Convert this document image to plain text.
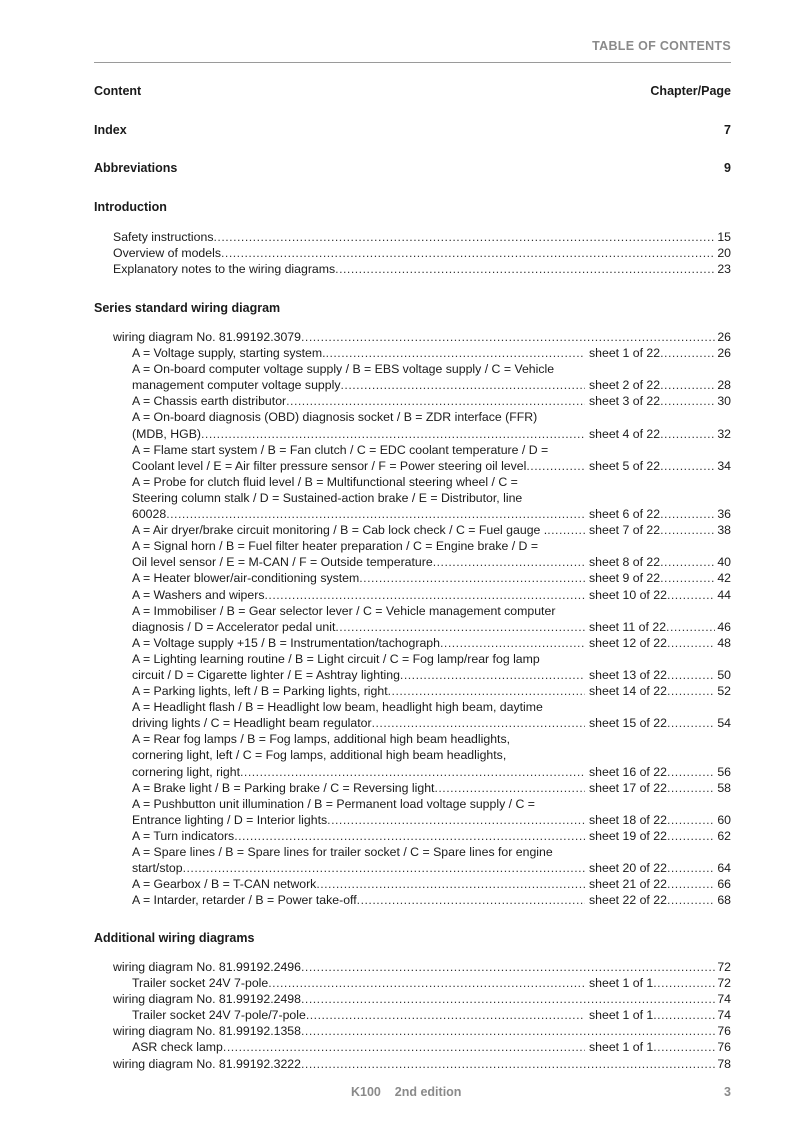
TABLE OF CONTENTS
Content	Chapter/Page
Index	7
Abbreviations	9
Introduction
Safety instructions .....	15
Overview of models .....	20
Explanatory notes to the wiring diagrams .....	23
Series standard wiring diagram
wiring diagram No. 81.99192.3079 .....	26
A = Voltage supply, starting system. .....	sheet 1 of 22 .....	26
A = On-board computer voltage supply / B = EBS voltage supply / C = Vehicle
management computer voltage supply .....	sheet 2 of 22 .....	28
A = Chassis earth distributor .....	sheet 3 of 22 .....	30
A = On-board diagnosis (OBD) diagnosis socket / B = ZDR interface (FFR)
(MDB, HGB) .....	sheet 4 of 22 .....	32
A = Flame start system / B = Fan clutch / C = EDC coolant temperature / D =
Coolant level / E = Air filter pressure sensor / F = Power steering oil level .....	sheet 5 of 22 .....	34
A = Probe for clutch fluid level / B = Multifunctional steering wheel / C =
Steering column stalk / D = Sustained-action brake / E = Distributor, line
60028 .....	sheet 6 of 22 .....	36
A = Air dryer/brake circuit monitoring / B = Cab lock check / C = Fuel gauge . .....	sheet 7 of 22 .....	38
A = Signal horn / B = Fuel filter heater preparation / C = Engine brake / D =
Oil level sensor / E = M-CAN / F = Outside temperature .....	sheet 8 of 22 .....	40
A = Heater blower/air-conditioning system .....	sheet 9 of 22 .....	42
A = Washers and wipers .....	sheet 10 of 22 .....	44
A = Immobiliser / B = Gear selector lever / C = Vehicle management computer
diagnosis / D = Accelerator pedal unit .....	sheet 11 of 22 .....	46
A = Voltage supply +15 / B = Instrumentation/tachograph .....	sheet 12 of 22 .....	48
A = Lighting learning routine / B = Light circuit / C = Fog lamp/rear fog lamp
circuit / D = Cigarette lighter / E = Ashtray lighting .....	sheet 13 of 22 .....	50
A = Parking lights, left / B = Parking lights, right .....	sheet 14 of 22 .....	52
A = Headlight flash / B = Headlight low beam, headlight high beam, daytime
driving lights / C = Headlight beam regulator .....	sheet 15 of 22 .....	54
A = Rear fog lamps / B = Fog lamps, additional high beam headlights,
cornering light, left / C = Fog lamps, additional high beam headlights,
cornering light, right .....	sheet 16 of 22 .....	56
A = Brake light / B = Parking brake / C = Reversing light .....	sheet 17 of 22 .....	58
A = Pushbutton unit illumination / B = Permanent load voltage supply / C =
Entrance lighting / D = Interior lights .....	sheet 18 of 22 .....	60
A = Turn indicators .....	sheet 19 of 22 .....	62
A = Spare lines / B = Spare lines for trailer socket / C = Spare lines for engine
start/stop .....	sheet 20 of 22 .....	64
A = Gearbox / B = T-CAN network .....	sheet 21 of 22 .....	66
A = Intarder, retarder / B = Power take-off .....	sheet 22 of 22 .....	68
Additional wiring diagrams
wiring diagram No. 81.99192.2496 .....	72
Trailer socket 24V 7-pole .....	sheet 1 of 1 .....	72
wiring diagram No. 81.99192.2498 .....	74
Trailer socket 24V 7-pole/7-pole .....	sheet 1 of 1 .....	74
wiring diagram No. 81.99192.1358 .....	76
ASR check lamp .....	sheet 1 of 1 .....	76
wiring diagram No. 81.99192.3222 .....	78
K100    2nd edition	3
